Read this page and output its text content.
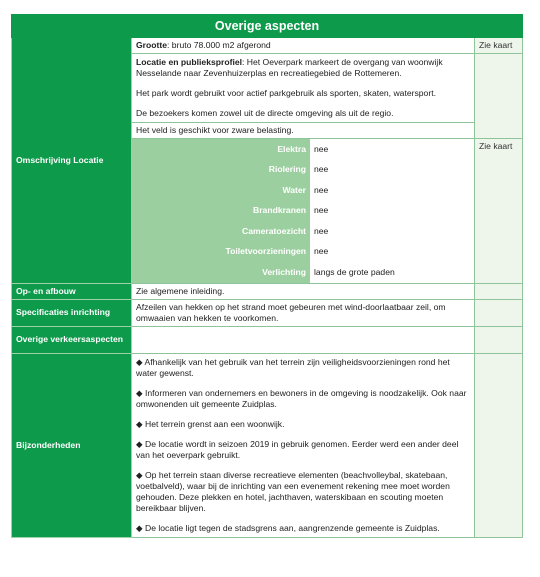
Overige aspecten
Omschrijving Locatie	Grootte: bruto 78.000 m2 afgerond	Zie kaart

Locatie en publieksprofiel: Het Oeverpark markeert de overgang van woonwijk Nesselande naar Zevenhuizerplas en recreatiegebied de Rottemeren.

Het park wordt gebruikt voor actief parkgebruik als sporten, skaten, watersport.

De bezoekers komen zowel uit de directe omgeving als uit de regio.

Het veld is geschikt voor zware belasting.

Elektra	nee
Riolering	nee
Water	nee
Brandkranen	nee
Cameratoezicht	nee
Toiletvoorzieningen	nee
Verlichting	langs de grote paden
	Zie kaart
Op- en afbouw	Zie algemene inleiding.	
Specificaties inrichting	Afzeilen van hekken op het strand moet gebeuren met wind-doorlaatbaar zeil, om omwaaien van hekken te voorkomen.	
Overige verkeersaspecten		
Bijzonderheden	

◆ Afhankelijk van het gebruik van het terrein zijn veiligheidsvoorzieningen rond het water gewenst.

◆ Informeren van ondernemers en bewoners in de omgeving is noodzakelijk. Ook naar omwonenden uit gemeente Zuidplas.

◆ Het terrein grenst aan een woonwijk.

◆ De locatie wordt in seizoen 2019 in gebruik genomen. Eerder werd een ander deel van het oeverpark gebruikt.

◆ Op het terrein staan diverse recreatieve elementen (beachvolleybal, skatebaan, voetbalveld), waar bij de inrichting van een evenement rekening mee moet worden gehouden. Deze plekken en hotel, jachthaven, waterskibaan en scouting moeten bereikbaar blijven.

◆ De locatie ligt tegen de stadsgrens aan, aangrenzende gemeente is Zuidplas.
